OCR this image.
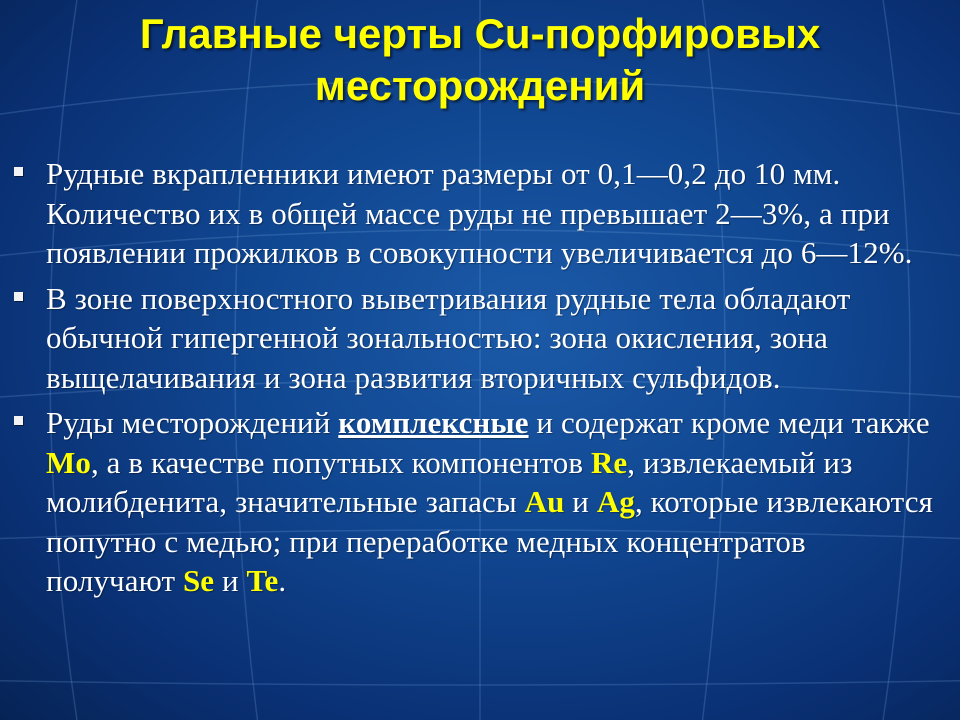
Главные черты Cu-порфировых
месторождений
Рудные вкрапленники имеют размеры от 0,1—0,2 до 10 мм. Количество их в общей массе руды не превышает 2—3%, а при появлении прожилков в совокупности увеличивается до 6—12%.
В зоне поверхностного выветривания рудные тела обладают обычной гипергенной зональностью: зона окисления, зона выщелачивания и зона развития вторичных сульфидов.
Руды месторождений комплексные и содержат кроме меди также Mo, а в качестве попутных компонентов Re, извлекаемый из молибденита, значительные запасы Au и Ag, которые извлекаются попутно с медью; при переработке медных концентратов получают Se и Te.
